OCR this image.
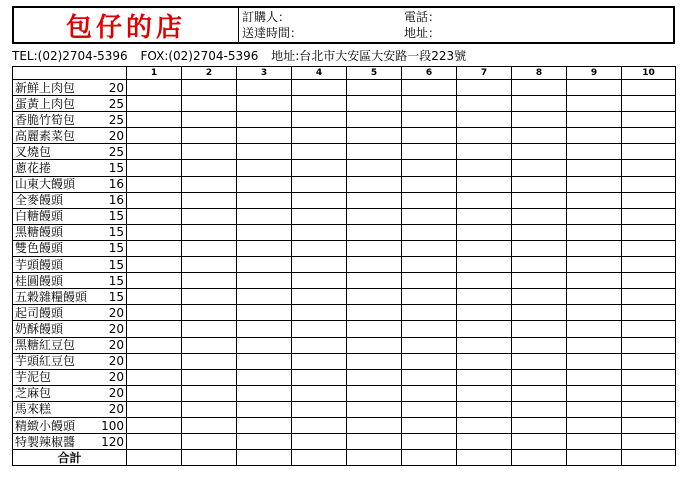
包仔的店	訂購人：
送達時間：
電話：
地址：
TEL:(02)2704-5396 FOX:(02)2704-5396 地址:台北市大安區大安路一段223號
	1	2	3	4	5	6	7	8	9	10

新鮮上肉包 20										

蛋黃上肉包 25										

香脆竹筍包 25										

高麗素菜包 20										

叉燒包 25										

蔥花捲 15										

山東大饅頭 16										

全麥饅頭 16										

白糖饅頭 15										

黑糖饅頭 15										

雙色饅頭 15										

芋頭饅頭 15										

桂圓饅頭 15										

五穀雜糧饅頭 15										

起司饅頭 20										

奶酥饅頭 20										

黑糖紅豆包 20										

芋頭紅豆包 20										

芋泥包 20										

芝麻包 20										

馬來糕 20										

精緻小饅頭 100										

特製辣椒醬 120										

合計										
